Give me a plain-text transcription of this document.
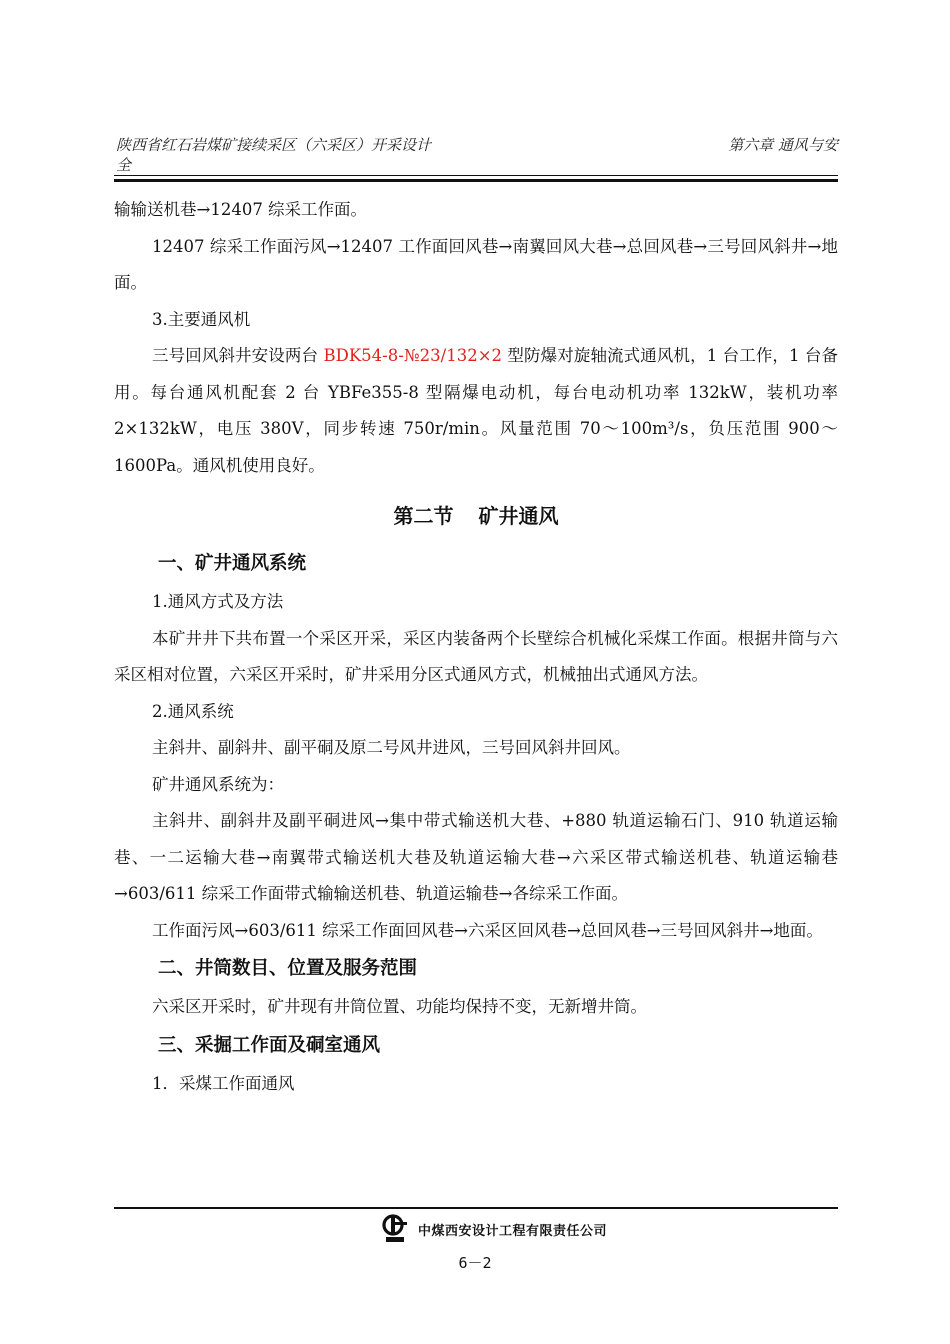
陕西省红石岩煤矿接续采区（六采区）开采设计
全
第六章 通风与安

输输送机巷→12407 综采工作面。

12407 综采工作面污风→12407 工作面回风巷→南翼回风大巷→总回风巷→三号回风斜井→地面。

3.主要通风机

三号回风斜井安设两台 BDK54-8-№23/132×2 型防爆对旋轴流式通风机，1 台工作，1 台备用。每台通风机配套 2 台 YBFe355-8 型隔爆电动机，每台电动机功率 132kW，装机功率 2×132kW，电压 380V，同步转速 750r/min。风量范围 70～100m³/s，负压范围 900～1600Pa。通风机使用良好。

第二节 矿井通风
一、矿井通风系统

1.通风方式及方法

本矿井井下共布置一个采区开采，采区内装备两个长壁综合机械化采煤工作面。根据井筒与六采区相对位置，六采区开采时，矿井采用分区式通风方式，机械抽出式通风方法。

2.通风系统

主斜井、副斜井、副平硐及原二号风井进风，三号回风斜井回风。

矿井通风系统为：

主斜井、副斜井及副平硐进风→集中带式输送机大巷、+880 轨道运输石门、910 轨道运输巷、一二运输大巷→南翼带式输送机大巷及轨道运输大巷→六采区带式输送机巷、轨道运输巷→603/611 综采工作面带式输输送机巷、轨道运输巷→各综采工作面。

工作面污风→603/611 综采工作面回风巷→六采区回风巷→总回风巷→三号回风斜井→地面。

二、井筒数目、位置及服务范围

六采区开采时，矿井现有井筒位置、功能均保持不变，无新增井筒。

三、采掘工作面及硐室通风

1．采煤工作面通风

中煤西安设计工程有限责任公司
6－2
